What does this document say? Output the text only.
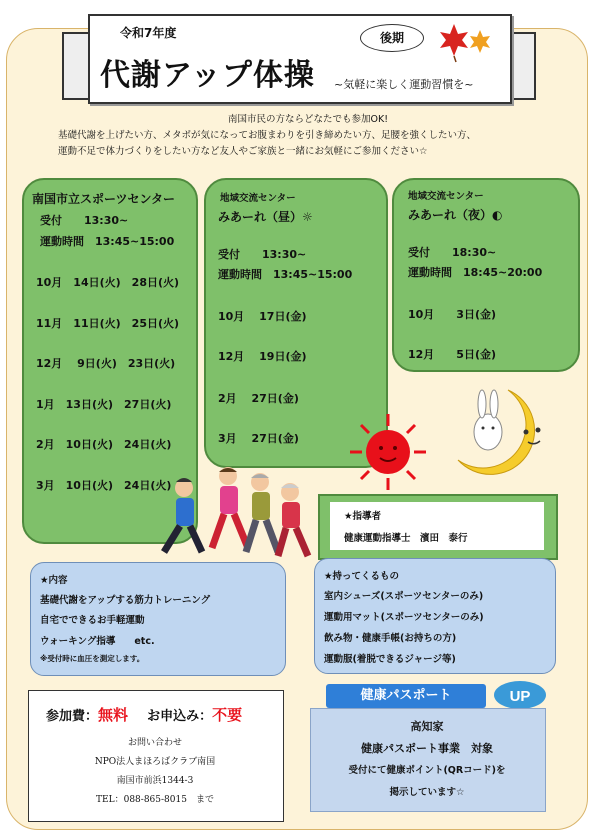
令和7年度
代謝アップ体操
後期
~気軽に楽しく運動習慣を~
南国市民の方ならどなたでも参加OK!
基礎代謝を上げたい方、メタボが気になってお腹まわりを引き締めたい方、足腰を強くしたい方、
運動不足で体力づくりをしたい方など友人やご家族と一緒にお気軽にご参加ください☆
南国市立スポーツセンター
受付　　13:30~
運動時間　13:45~15:00
10月　14日(火)　28日(火)
11月　11日(火)　25日(火)
12月　 9日(火)　23日(火)
1月　13日(火)　27日(火)
2月　10日(火)　24日(火)
3月　10日(火)　24日(火)
地域交流センター
みあーれ（昼）☼
受付　　13:30~
運動時間　13:45~15:00
10月　 17日(金)
12月　 19日(金)
2月　 27日(金)
3月　 27日(金)
地域交流センター
みあーれ（夜）◐
受付　　18:30~
運動時間　18:45~20:00
10月　　3日(金)
12月　　5日(金)
★指導者
健康運動指導士　濱田　泰行
★内容
基礎代謝をアップする筋力トレーニング
自宅でできるお手軽運動
ウォーキング指導　　etc.
※受付時に血圧を測定します。
★持ってくるもの
室内シューズ(スポーツセンターのみ)
運動用マット(スポーツセンターのみ)
飲み物・健康手帳(お持ちの方)
運動服(着脱できるジャージ等)
参加費：無料 お申込み：不要
お問い合わせ
NPO法人まほろばクラブ南国
南国市前浜1344-3
TEL：088-865-8015　まで
健康パスポート	UP
高知家
健康パスポート事業　対象
受付にて健康ポイント(QRコード)を
掲示しています☆
